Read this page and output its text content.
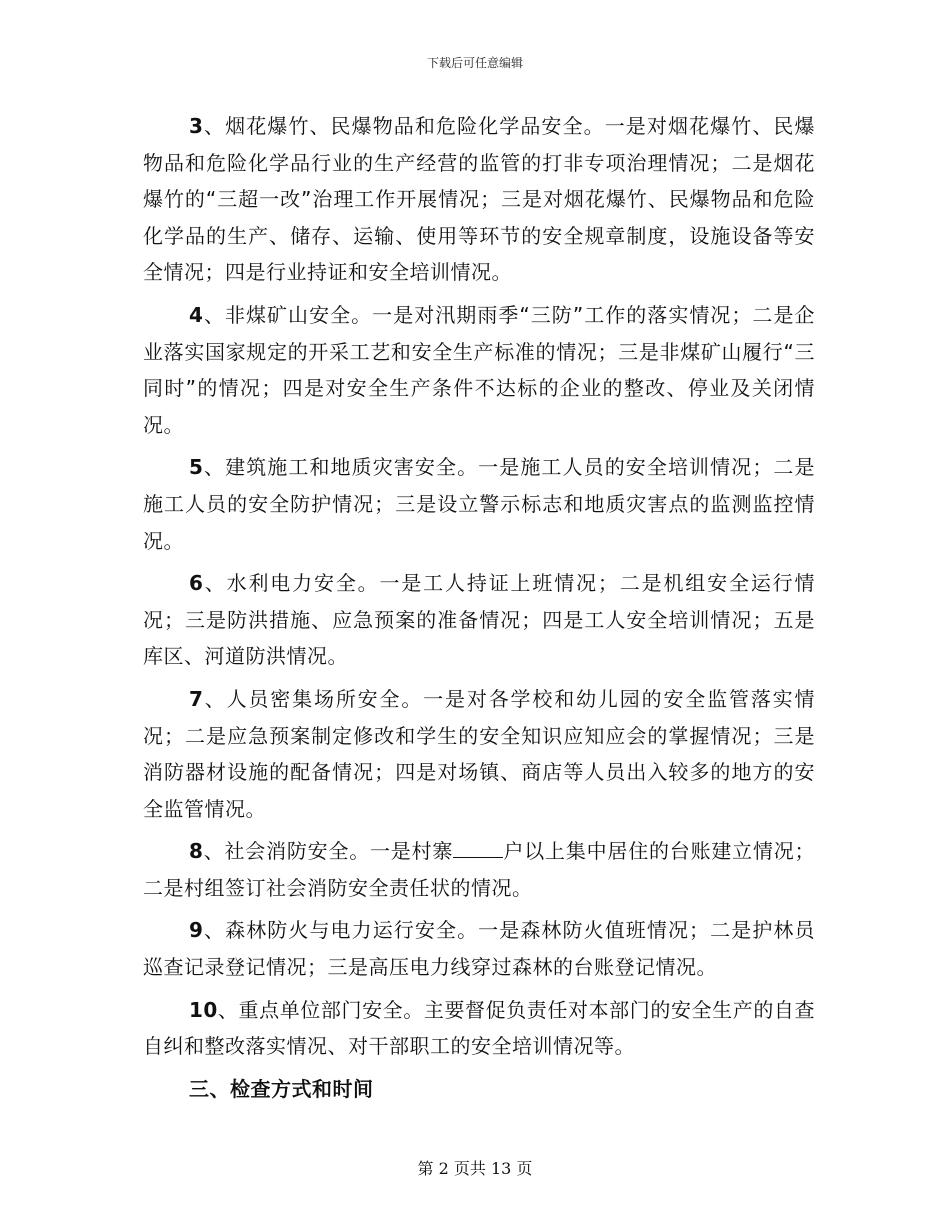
下载后可任意编辑

3、烟花爆竹、民爆物品和危险化学品安全。一是对烟花爆竹、民爆物品和危险化学品行业的生产经营的监管的打非专项治理情况；二是烟花爆竹的“三超一改”治理工作开展情况；三是对烟花爆竹、民爆物品和危险化学品的生产、储存、运输、使用等环节的安全规章制度，设施设备等安全情况；四是行业持证和安全培训情况。

4、非煤矿山安全。一是对汛期雨季“三防”工作的落实情况；二是企业落实国家规定的开采工艺和安全生产标准的情况；三是非煤矿山履行“三同时”的情况；四是对安全生产条件不达标的企业的整改、停业及关闭情况。

5、建筑施工和地质灾害安全。一是施工人员的安全培训情况；二是施工人员的安全防护情况；三是设立警示标志和地质灾害点的监测监控情况。

6、水利电力安全。一是工人持证上班情况；二是机组安全运行情况；三是防洪措施、应急预案的准备情况；四是工人安全培训情况；五是库区、河道防洪情况。

7、人员密集场所安全。一是对各学校和幼儿园的安全监管落实情况；二是应急预案制定修改和学生的安全知识应知应会的掌握情况；三是消防器材设施的配备情况；四是对场镇、商店等人员出入较多的地方的安全监管情况。

8、社会消防安全。一是村寨	户以上集中居住的台账建立情况；二是村组签订社会消防安全责任状的情况。

9、森林防火与电力运行安全。一是森林防火值班情况；二是护林员巡查记录登记情况；三是高压电力线穿过森林的台账登记情况。

10、重点单位部门安全。主要督促负责任对本部门的安全生产的自查自纠和整改落实情况、对干部职工的安全培训情况等。

三、检查方式和时间

第 2 页共 13 页
